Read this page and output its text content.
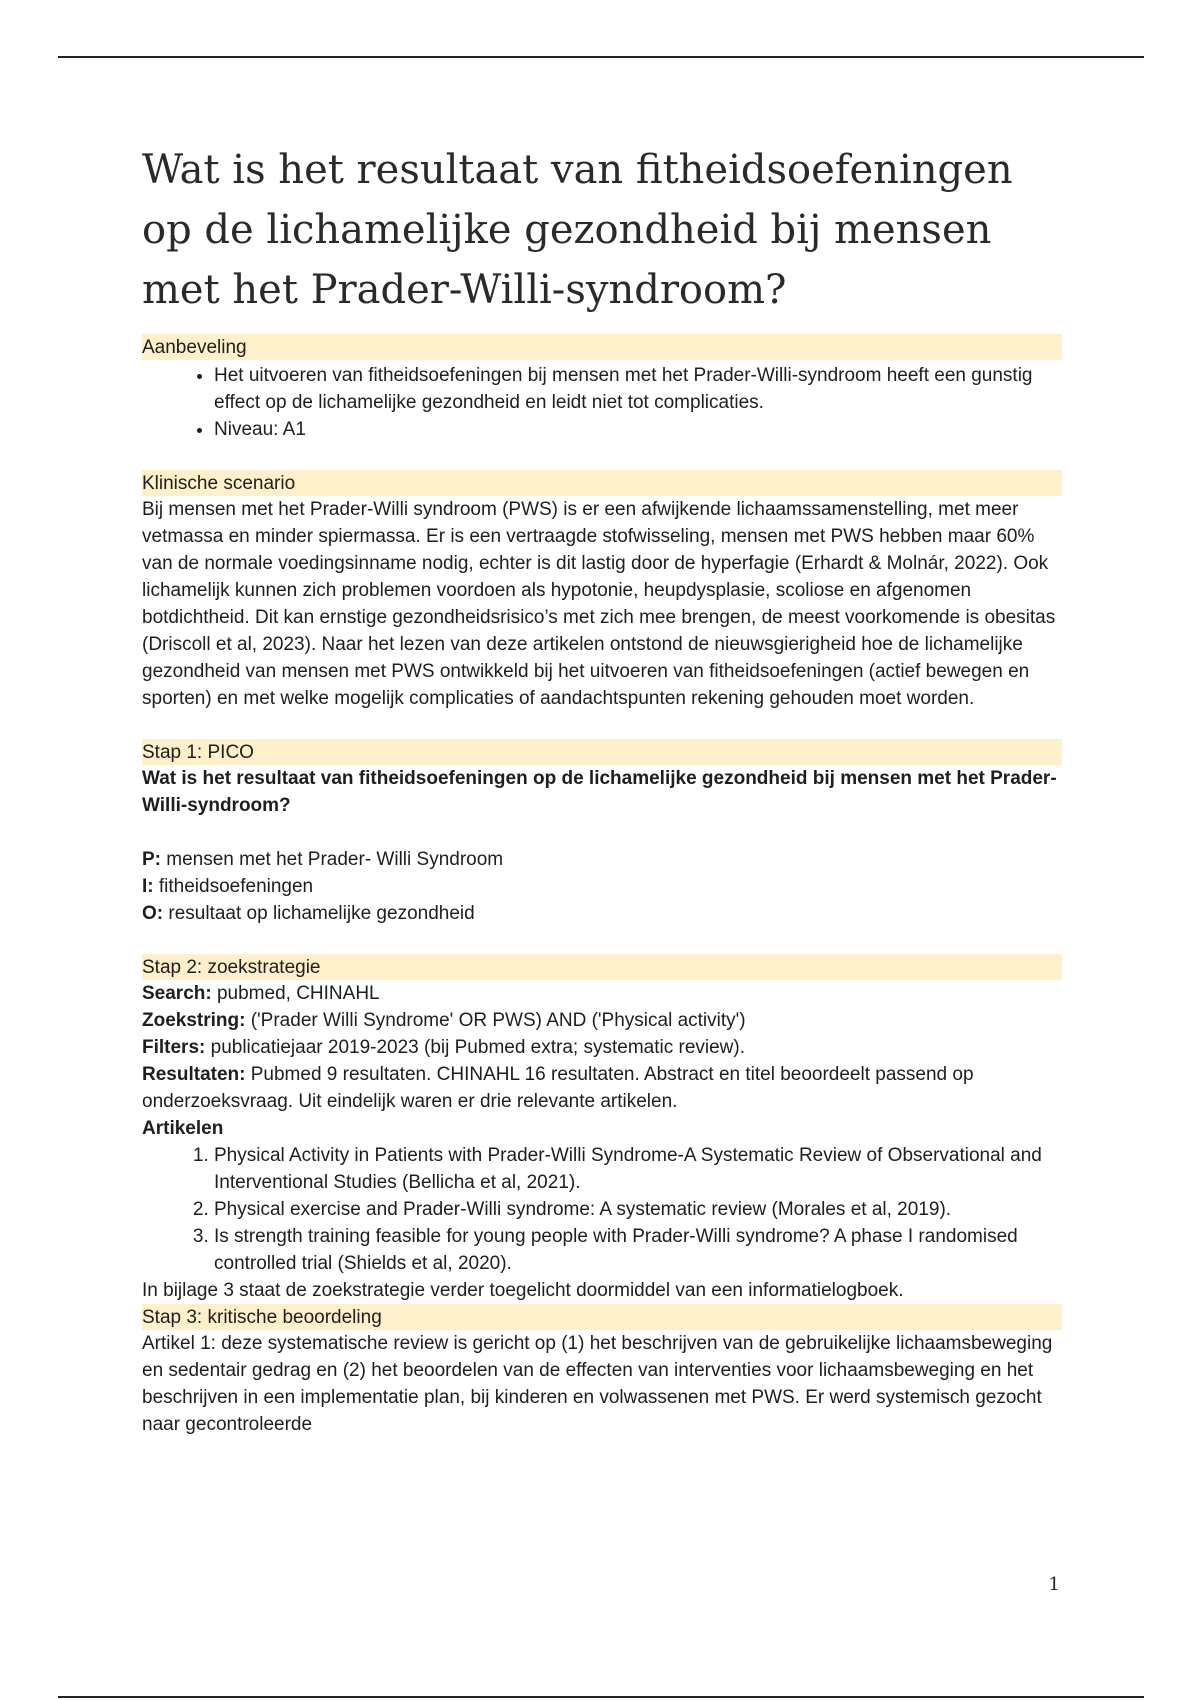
Wat is het resultaat van fitheidsoefeningen op de lichamelijke gezondheid bij mensen met het Prader-Willi-syndroom?
Aanbeveling
• Het uitvoeren van fitheidsoefeningen bij mensen met het Prader-Willi-syndroom heeft een gunstig effect op de lichamelijke gezondheid en leidt niet tot complicaties.
• Niveau: A1
Klinische scenario

Bij mensen met het Prader-Willi syndroom (PWS) is er een afwijkende lichaamssamenstelling, met meer vetmassa en minder spiermassa. Er is een vertraagde stofwisseling, mensen met PWS hebben maar 60% van de normale voedingsinname nodig, echter is dit lastig door de hyperfagie (Erhardt & Molnár, 2022). Ook lichamelijk kunnen zich problemen voordoen als hypotonie, heupdysplasie, scoliose en afgenomen botdichtheid. Dit kan ernstige gezondheidsrisico’s met zich mee brengen, de meest voorkomende is obesitas (Driscoll et al, 2023). Naar het lezen van deze artikelen ontstond de nieuwsgierigheid hoe de lichamelijke gezondheid van mensen met PWS ontwikkeld bij het uitvoeren van fitheidsoefeningen (actief bewegen en sporten) en met welke mogelijk complicaties of aandachtspunten rekening gehouden moet worden.

Stap 1: PICO

Wat is het resultaat van fitheidsoefeningen op de lichamelijke gezondheid bij mensen met het Prader- Willi-syndroom?

P: mensen met het Prader- Willi Syndroom
I: fitheidsoefeningen
O: resultaat op lichamelijke gezondheid
Stap 2: zoekstrategie
Search: pubmed, CHINAHL
Zoekstring: ('Prader Willi Syndrome' OR PWS) AND ('Physical activity')
Filters: publicatiejaar 2019-2023 (bij Pubmed extra; systematic review).
Resultaten: Pubmed 9 resultaten. CHINAHL 16 resultaten. Abstract en titel beoordeelt passend op onderzoeksvraag. Uit eindelijk waren er drie relevante artikelen.
Artikelen
1. Physical Activity in Patients with Prader-Willi Syndrome-A Systematic Review of Observational and Interventional Studies (Bellicha et al, 2021).
2. Physical exercise and Prader-Willi syndrome: A systematic review (Morales et al, 2019).
3. Is strength training feasible for young people with Prader-Willi syndrome? A phase I randomised controlled trial (Shields et al, 2020).
In bijlage 3 staat de zoekstrategie verder toegelicht doormiddel van een informatielogboek.
Stap 3: kritische beoordeling

Artikel 1: deze systematische review is gericht op (1) het beschrijven van de gebruikelijke lichaamsbeweging en sedentair gedrag en (2) het beoordelen van de effecten van interventies voor lichaamsbeweging en het beschrijven in een implementatie plan, bij kinderen en volwassenen met PWS. Er werd systemisch gezocht naar gecontroleerde

1
